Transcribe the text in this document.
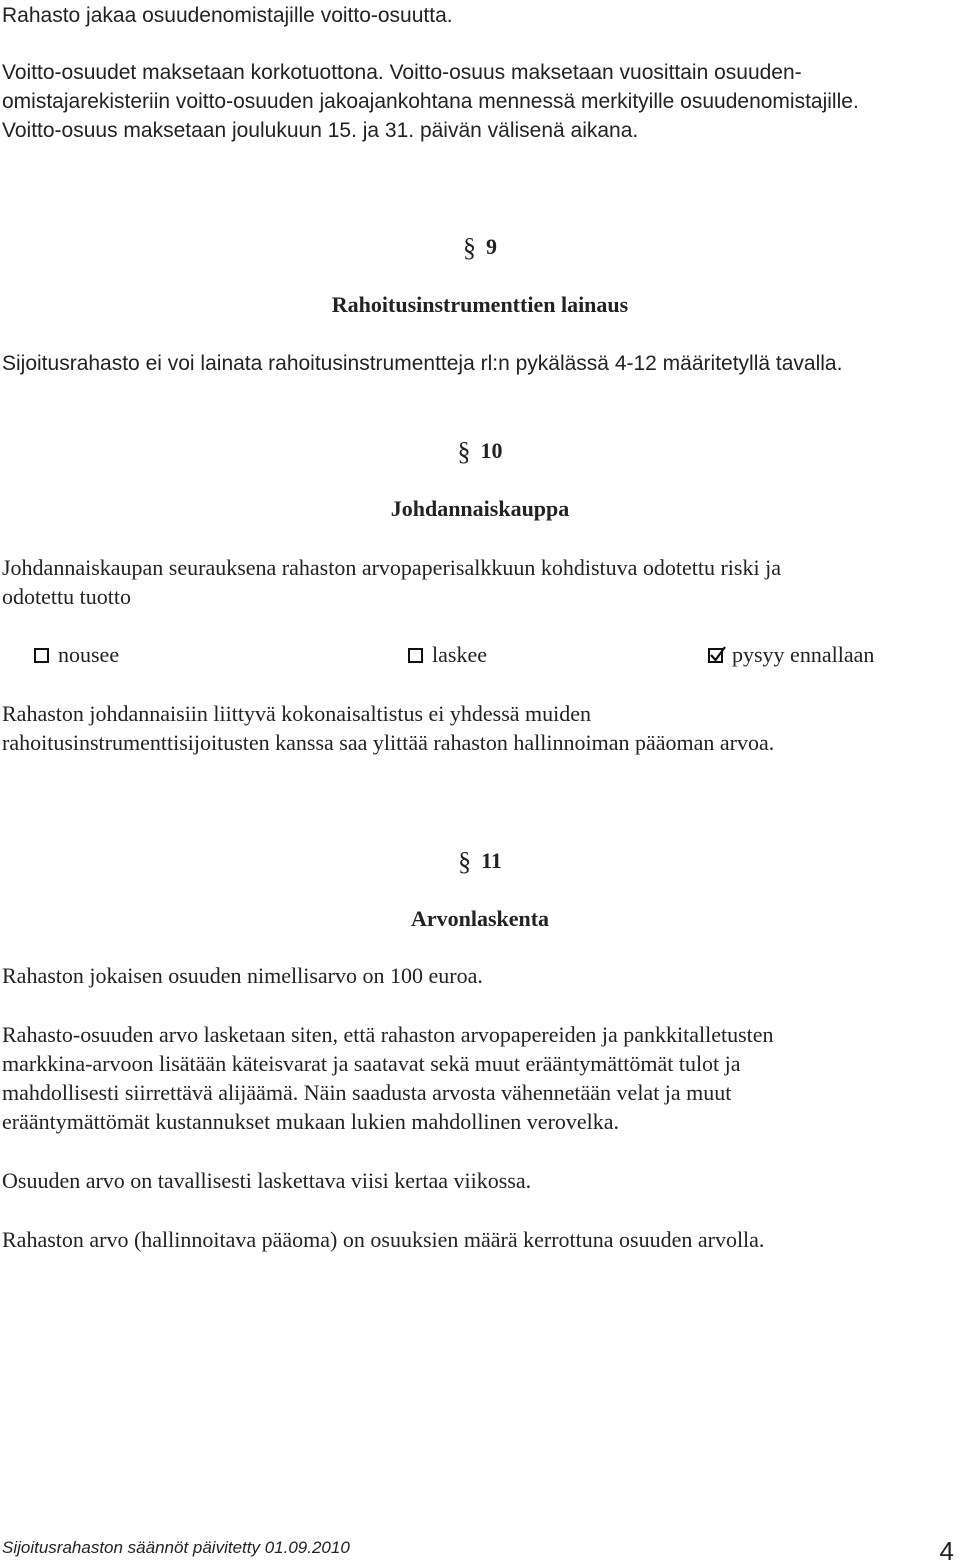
Rahasto jakaa osuudenomistajille voitto-osuutta.

Voitto-osuudet maksetaan korkotuottona. Voitto-osuus maksetaan vuosittain osuuden-

omistajarekisteriin voitto-osuuden jakoajankohtana mennessä merkityille osuudenomistajille.

Voitto-osuus maksetaan joulukuun 15. ja 31. päivän välisenä aikana.

§ 9
Rahoitusinstrumenttien lainaus

Sijoitusrahasto ei voi lainata rahoitusinstrumentteja rl:n pykälässä 4-12 määritetyllä tavalla.

§ 10
Johdannaiskauppa

Johdannaiskaupan seurauksena rahaston arvopaperisalkkuun kohdistuva odotettu riski ja

odotettu tuotto

nousee	laskee	pysyy ennallaan

Rahaston johdannaisiin liittyvä kokonaisaltistus ei yhdessä muiden

rahoitusinstrumenttisijoitusten kanssa saa ylittää rahaston hallinnoiman pääoman arvoa.

§ 11
Arvonlaskenta

Rahaston jokaisen osuuden nimellisarvo on 100 euroa.

Rahasto-osuuden arvo lasketaan siten, että rahaston arvopapereiden ja pankkitalletusten

markkina-arvoon lisätään käteisvarat ja saatavat sekä muut erääntymättömät tulot ja

mahdollisesti siirrettävä alijäämä. Näin saadusta arvosta vähennetään velat ja muut

erääntymättömät kustannukset mukaan lukien mahdollinen verovelka.

Osuuden arvo on tavallisesti laskettava viisi kertaa viikossa.

Rahaston arvo (hallinnoitava pääoma) on osuuksien määrä kerrottuna osuuden arvolla.

Sijoitusrahaston säännöt päivitetty 01.09.2010	4
